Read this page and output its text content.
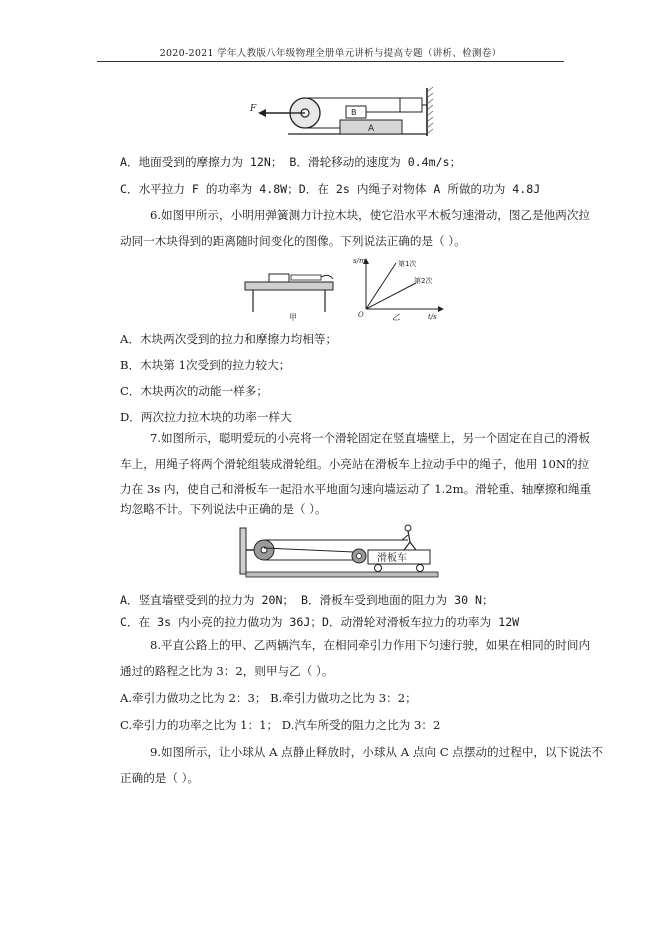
2020-2021 学年人教版八年级物理全册单元讲析与提高专题（讲析、检测卷）
B
A
F
A．地面受到的摩擦力为 12N； B．滑轮移动的速度为 0.4m/s；
C．水平拉力 F 的功率为 4.8W；D．在 2s 内绳子对物体 A 所做的功为 4.8J
6.如图甲所示，小明用弹簧测力计拉木块，使它沿水平木板匀速滑动，图乙是他两次拉
动同一木块得到的距离随时间变化的图像。下列说法正确的是（ ）。
甲
s/m
t/s
O
第1次
第2次
乙
A．木块两次受到的拉力和摩擦力均相等；
B．木块第 1次受到的拉力较大；
C．木块两次的动能一样多；
D．两次拉力拉木块的功率一样大
7.如图所示，聪明爱玩的小亮将一个滑轮固定在竖直墙壁上，另一个固定在自己的滑板
车上，用绳子将两个滑轮组装成滑轮组。小亮站在滑板车上拉动手中的绳子，他用 10N的拉
力在 3s 内，使自己和滑板车一起沿水平地面匀速向墙运动了 1.2m。滑轮重、轴摩擦和绳重
均忽略不计。下列说法中正确的是（ ）。
滑板车
A．竖直墙壁受到的拉力为 20N； B．滑板车受到地面的阻力为 30 N；
C．在 3s 内小亮的拉力做功为 36J；D．动滑轮对滑板车拉力的功率为 12W
8.平直公路上的甲、乙两辆汽车，在相同牵引力作用下匀速行驶，如果在相同的时间内
通过的路程之比为 3：2，则甲与乙（ ）。
A.牵引力做功之比为 2：3； B.牵引力做功之比为 3：2；
C.牵引力的功率之比为 1：1； D.汽车所受的阻力之比为 3：2
9.如图所示，让小球从 A 点静止释放时，小球从 A 点向 C 点摆动的过程中，以下说法不
正确的是（ ）。
